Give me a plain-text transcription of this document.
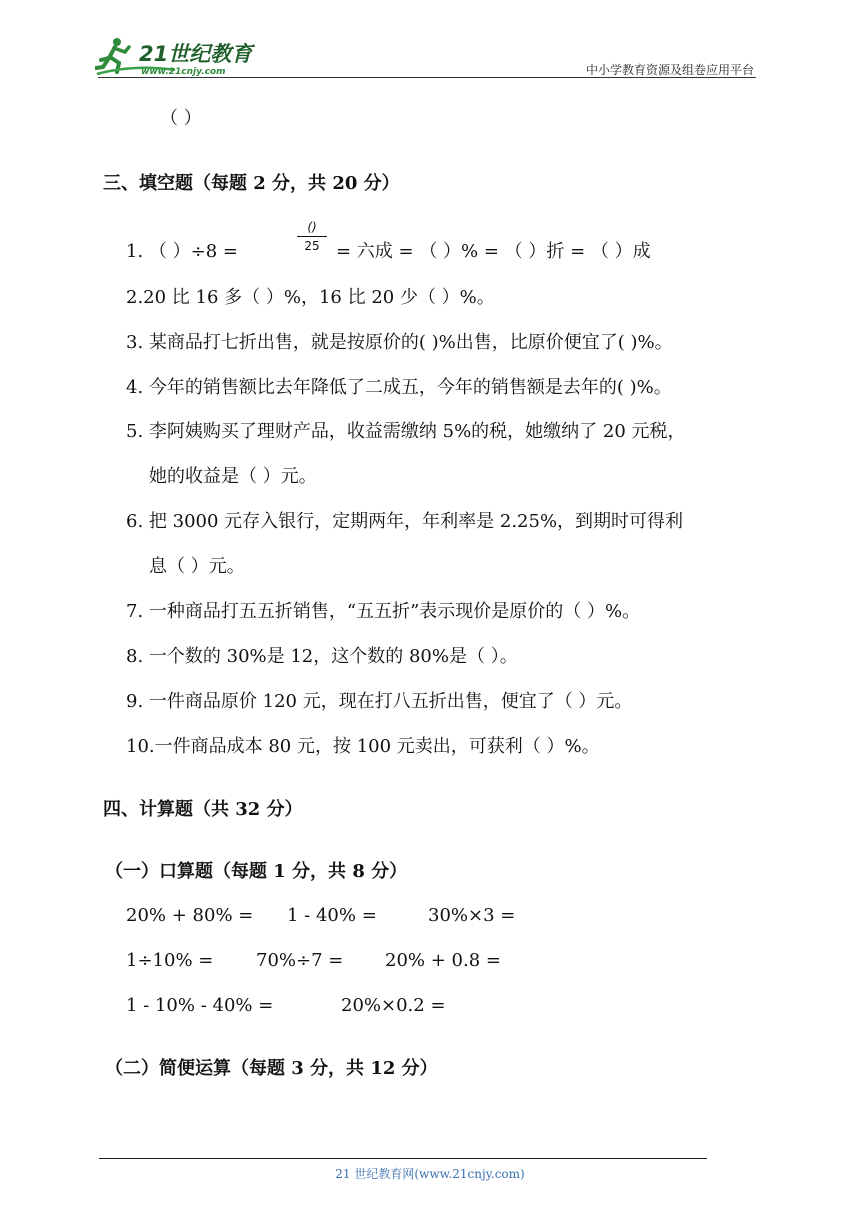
21世纪教育
www.21cnjy.com	中小学教育资源及组卷应用平台
（ ）
三、填空题（每题 2 分，共 20 分）
1. （ ）÷8 =
()
25 = 六成 = （ ）% = （ ）折 = （ ）成
2.20 比 16 多（ ）%，16 比 20 少（ ）%。
3. 某商品打七折出售，就是按原价的( )%出售，比原价便宜了( )%。
4. 今年的销售额比去年降低了二成五，今年的销售额是去年的( )%。
5. 李阿姨购买了理财产品，收益需缴纳 5%的税，她缴纳了 20 元税，
她的收益是（ ）元。
6. 把 3000 元存入银行，定期两年，年利率是 2.25%，到期时可得利
息（ ）元。
7. 一种商品打五五折销售，“五五折”表示现价是原价的（ ）%。
8. 一个数的 30%是 12，这个数的 80%是（ ）。
9. 一件商品原价 120 元，现在打八五折出售，便宜了（ ）元。
10.一件商品成本 80 元，按 100 元卖出，可获利（ ）%。
四、计算题（共 32 分）
（一）口算题（每题 1 分，共 8 分）
20% + 80% = 1 - 40% =	30%×3 =
1÷10% = 70%÷7 = 20% + 0.8 =
1 - 10% - 40% =	20%×0.2 =
（二）简便运算（每题 3 分，共 12 分）
21 世纪教育网(www.21cnjy.com)
